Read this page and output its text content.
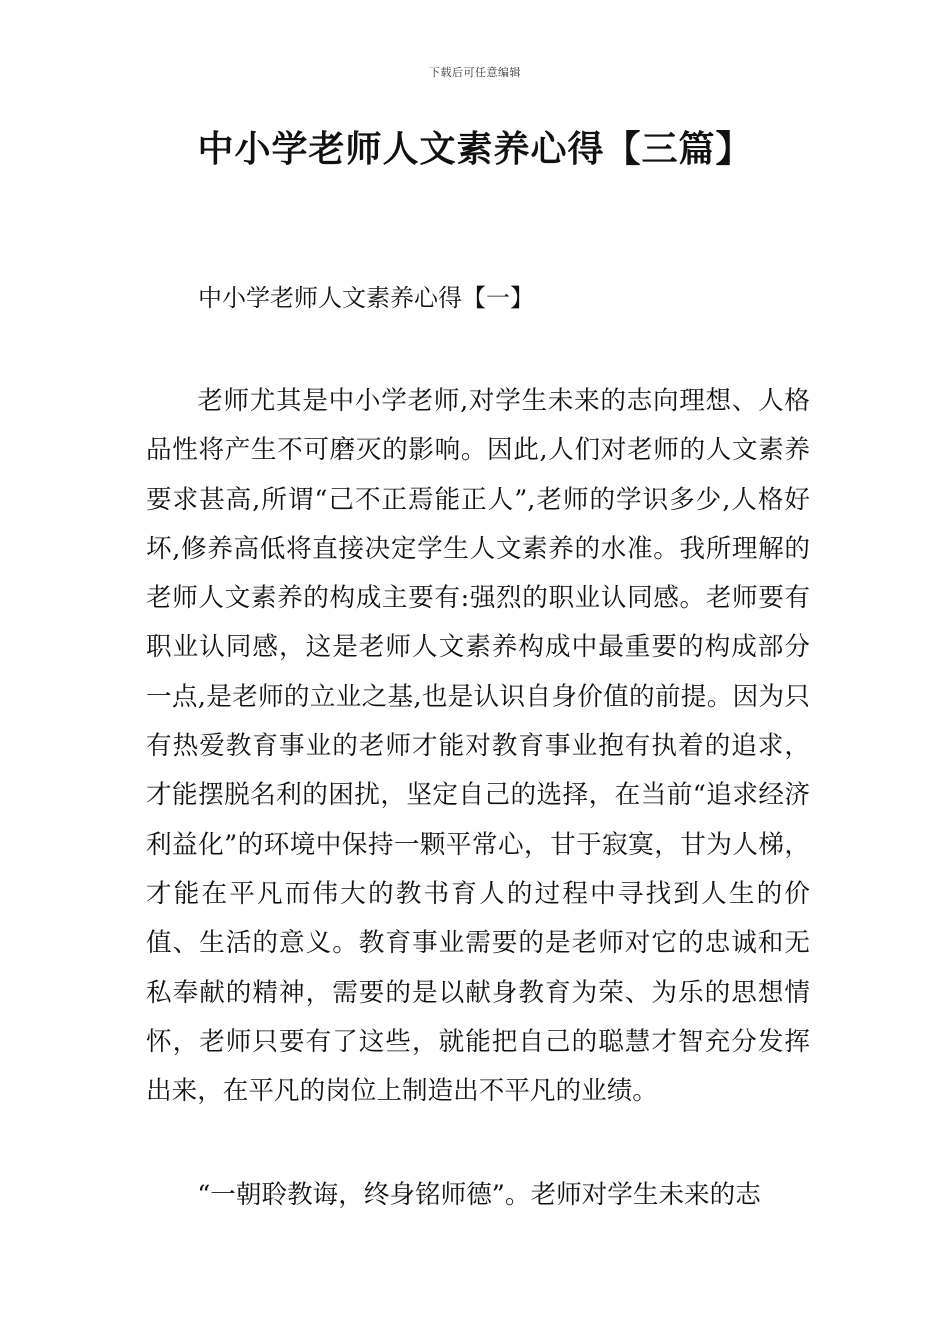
下载后可任意编辑
中小学老师人文素养心得【三篇】
中小学老师人文素养心得【一】

老师尤其是中小学老师,对学生未来的志向理想、人格品性将产生不可磨灭的影响。因此,人们对老师的人文素养要求甚高,所谓“己不正焉能正人”,老师的学识多少,人格好坏,修养高低将直接决定学生人文素养的水准。我所理解的老师人文素养的构成主要有:强烈的职业认同感。老师要有职业认同感，这是老师人文素养构成中最重要的构成部分一点,是老师的立业之基,也是认识自身价值的前提。因为只有热爱教育事业的老师才能对教育事业抱有执着的追求，才能摆脱名利的困扰，坚定自己的选择，在当前“追求经济利益化”的环境中保持一颗平常心，甘于寂寞，甘为人梯，才能在平凡而伟大的教书育人的过程中寻找到人生的价值、生活的意义。教育事业需要的是老师对它的忠诚和无私奉献的精神，需要的是以献身教育为荣、为乐的思想情怀，老师只要有了这些，就能把自己的聪慧才智充分发挥出来，在平凡的岗位上制造出不平凡的业绩。

“一朝聆教诲，终身铭师德”。老师对学生未来的志
